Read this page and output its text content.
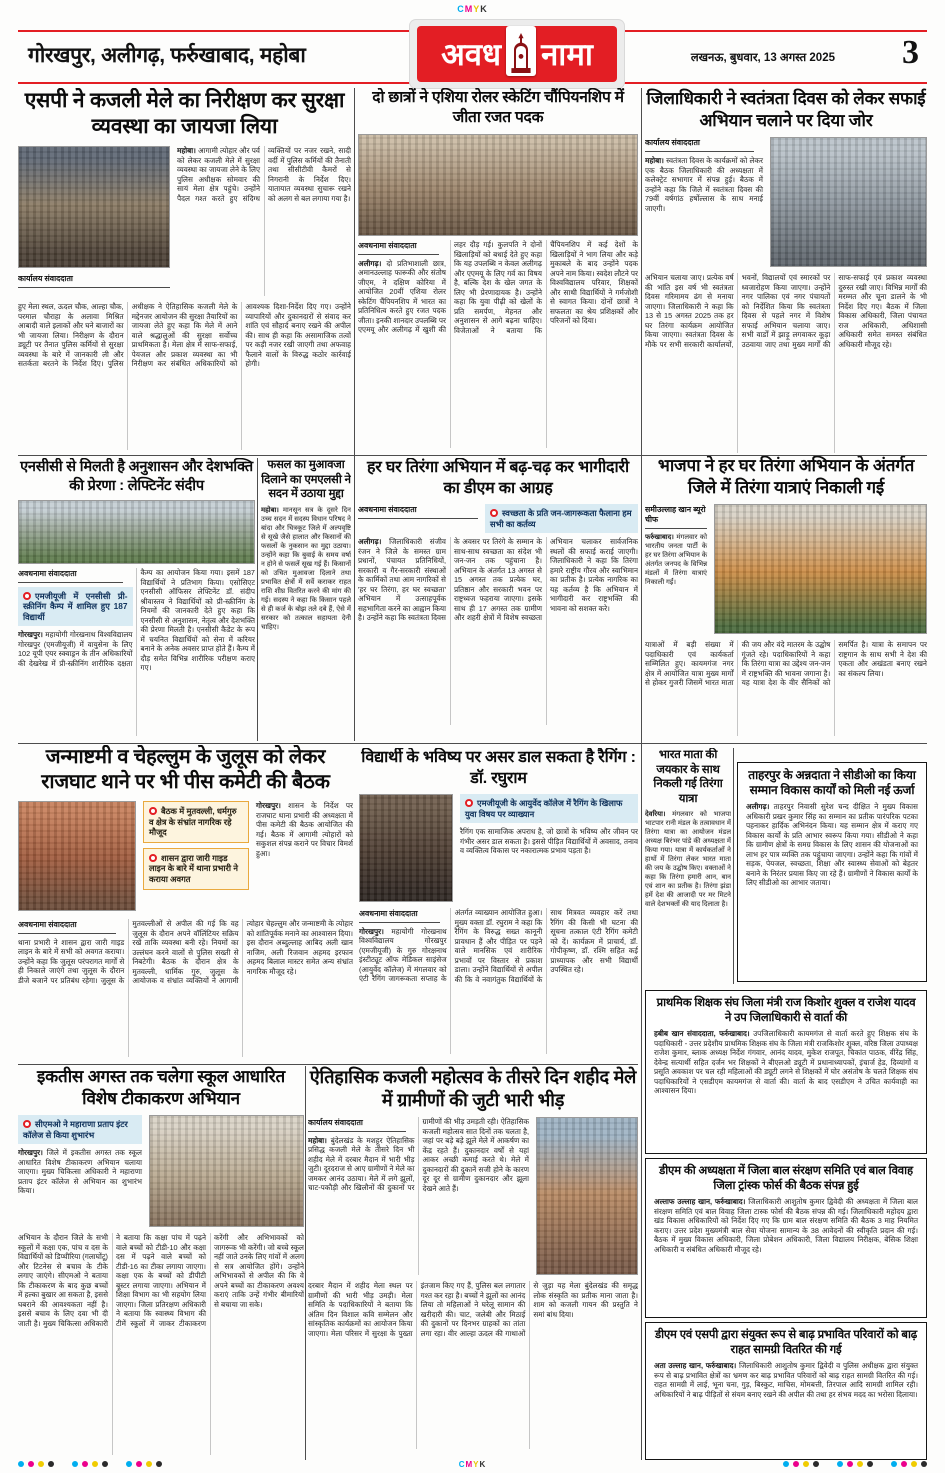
CMYK
गोरखपुर, अलीगढ़, फर्रुखाबाद, महोबा	अवध नामा	लखनऊ, बुधवार, 13 अगस्त 2025 3
एसपी ने कजली मेले का निरीक्षण कर सुरक्षा व्यवस्था का जायजा लिया
कार्यालय संवाददाता

महोबा। आगामी त्योहार और पर्व को लेकर कजली मेले में सुरक्षा व्यवस्था का जायजा लेने के लिए पुलिस अधीक्षक सोमवार की सायं मेला क्षेत्र पहुंचे। उन्होंने पैदल गश्त करते हुए संदिग्ध व्यक्तियों पर नजर रखने, सादी वर्दी में पुलिस कर्मियों की तैनाती तथा सीसीटीवी कैमरों से निगरानी के निर्देश दिए। यातायात व्यवस्था सुचारू रखने को अलग से बल लगाया गया है।

हुए मेला स्थल, ऊदल चौक, आल्हा चौक, परमाल चौराहा के अलावा मिश्रित आबादी वाले इलाकों और घने बाजारों का भी जायजा लिया। निरीक्षण के दौरान ड्यूटी पर तैनात पुलिस कर्मियों से सुरक्षा व्यवस्था के बारे में जानकारी ली और सतर्कता बरतने के निर्देश दिए। पुलिस अधीक्षक ने ऐतिहासिक कजली मेले के मद्देनजर आयोजन की सुरक्षा तैयारियों का जायजा लेते हुए कहा कि मेले में आने वाले श्रद्धालुओं की सुरक्षा सर्वोच्च प्राथमिकता है। मेला क्षेत्र में साफ-सफाई, पेयजल और प्रकाश व्यवस्था का भी निरीक्षण कर संबंधित अधिकारियों को आवश्यक दिशा-निर्देश दिए गए। उन्होंने व्यापारियों और दुकानदारों से संवाद कर शांति एवं सौहार्द बनाए रखने की अपील की। साथ ही कहा कि असामाजिक तत्वों पर कड़ी नजर रखी जाएगी तथा अफवाह फैलाने वालों के विरुद्ध कठोर कार्रवाई होगी।

दो छात्रों ने एशिया रोलर स्केटिंग चौंपियनशिप में जीता रजत पदक
अवधनामा संवाददाता

अलीगढ़। दो प्रतिभाशाली छात्र, अमानउल्लाह फारूकी और संतोष जीएम, ने दक्षिण कोरिया में आयोजित 20वीं एशिया रोलर स्केटिंग चैंपियनशिप में भारत का प्रतिनिधित्व करते हुए रजत पदक जीता। इनकी शानदार उपलब्धि पर एएमयू और अलीगढ़ में खुशी की लहर दौड़ गई। कुलपति ने दोनों खिलाड़ियों को बधाई देते हुए कहा कि यह उपलब्धि न केवल अलीगढ़ और एएमयू के लिए गर्व का विषय है, बल्कि देश के खेल जगत के लिए भी प्रेरणादायक है। उन्होंने कहा कि युवा पीढ़ी को खेलों के प्रति समर्पण, मेहनत और अनुशासन से आगे बढ़ना चाहिए। विजेताओं ने बताया कि चैंपियनशिप में कई देशों के खिलाड़ियों ने भाग लिया और कड़े मुकाबले के बाद उन्होंने पदक अपने नाम किया। स्वदेश लौटने पर विश्वविद्यालय परिवार, शिक्षकों और साथी विद्यार्थियों ने गर्मजोशी से स्वागत किया। दोनों छात्रों ने सफलता का श्रेय प्रशिक्षकों और परिजनों को दिया।

जिलाधिकारी ने स्वतंत्रता दिवस को लेकर सफाई अभियान चलाने पर दिया जोर
कार्यालय संवाददाता

महोबा। स्वतंत्रता दिवस के कार्यक्रमों को लेकर एक बैठक जिलाधिकारी की अध्यक्षता में कलेक्ट्रेट सभागार में संपन्न हुई। बैठक में उन्होंने कहा कि जिले में स्वतंत्रता दिवस की 79वीं वर्षगांठ हर्षोल्लास के साथ मनाई जाएगी।

अभियान चलाया जाए। प्रत्येक वर्ष की भांति इस वर्ष भी स्वतंत्रता दिवस गरिमामय ढंग से मनाया जाएगा। जिलाधिकारी ने कहा कि 13 से 15 अगस्त 2025 तक हर घर तिरंगा कार्यक्रम आयोजित किया जाएगा। स्वतंत्रता दिवस के मौके पर सभी सरकारी कार्यालयों, भवनों, विद्यालयों एवं स्मारकों पर ध्वजारोहण किया जाएगा। उन्होंने नगर पालिका एवं नगर पंचायतों को निर्देशित किया कि स्वतंत्रता दिवस से पहले नगर में विशेष सफाई अभियान चलाया जाए। सभी वार्डों में झाड़ू लगवाकर कूड़ा उठवाया जाए तथा मुख्य मार्गों की साफ-सफाई एवं प्रकाश व्यवस्था दुरुस्त रखी जाए। विभिन्न मार्गों की मरम्मत और चूना डालने के भी निर्देश दिए गए। बैठक में जिला विकास अधिकारी, जिला पंचायत राज अधिकारी, अधिशासी अधिकारी समेत समस्त संबंधित अधिकारी मौजूद रहे।

एनसीसी से मिलती है अनुशासन और देशभक्ति की प्रेरणा : लेफ्टिनेंट संदीप
अवधनामा संवाददाता
एमजीयूजी में एनसीसी प्री-स्क्रीनिंग कैम्प में शामिल हुए 187 विद्यार्थी

गोरखपुर। महायोगी गोरखनाथ विश्वविद्यालय गोरखपुर (एमजीयूजी) में वायुसेना के लिए 102 यूपी एयर स्क्वाड्रन के तीन अधिकारियों की देखरेख में प्री-स्क्रीनिंग शारीरिक दक्षता कैम्प का आयोजन किया गया। इसमें 187 विद्यार्थियों ने प्रतिभाग किया। एसोसिएट एनसीसी ऑफिसर लेफ्टिनेंट डॉ. संदीप श्रीवास्तव ने विद्यार्थियों को प्री-स्क्रीनिंग के नियमों की जानकारी देते हुए कहा कि एनसीसी से अनुशासन, नेतृत्व और देशभक्ति की प्रेरणा मिलती है। एनसीसी कैडेट के रूप में चयनित विद्यार्थियों को सेना में करियर बनाने के अनेक अवसर प्राप्त होते हैं। कैम्प में दौड़ समेत विभिन्न शारीरिक परीक्षण कराए गए।

फसल का मुआवजा दिलाने का एमएलसी ने सदन में उठाया मुद्दा

महोबा। मानसून सत्र के दूसरे दिन उच्च सदन में सदस्य विधान परिषद ने बांदा और चित्रकूट जिले में अल्पवृष्टि से सूखे जैसे हालात और किसानों की फसलों के नुकसान का मुद्दा उठाया। उन्होंने कहा कि बुवाई के समय वर्षा न होने से फसलें सूख गई हैं। किसानों को उचित मुआवजा दिलाने तथा प्रभावित क्षेत्रों में सर्वे कराकर राहत राशि शीघ्र वितरित करने की मांग की गई। सदस्य ने कहा कि किसान पहले से ही कर्ज के बोझ तले दबे हैं, ऐसे में सरकार को तत्काल सहायता देनी चाहिए।

हर घर तिरंगा अभियान में बढ़-चढ़ कर भागीदारी का डीएम का आग्रह
अवधनामा संवाददाता	स्वच्छता के प्रति जन-जागरूकता फैलाना हम सभी का कर्तव्य

अलीगढ़। जिलाधिकारी संजीव रंजन ने जिले के समस्त ग्राम प्रधानों, पंचायत प्रतिनिधियों, सरकारी व गैर-सरकारी संस्थाओं के कार्मिकों तथा आम नागरिकों से 'हर घर तिरंगा, हर घर स्वच्छता' अभियान में उत्साहपूर्वक सहभागिता करने का आह्वान किया है। उन्होंने कहा कि स्वतंत्रता दिवस के अवसर पर तिरंगे के सम्मान के साथ-साथ स्वच्छता का संदेश भी जन-जन तक पहुंचाना है। अभियान के अंतर्गत 13 अगस्त से 15 अगस्त तक प्रत्येक घर, प्रतिष्ठान और सरकारी भवन पर राष्ट्रध्वज फहराया जाएगा। इसके साथ ही 17 अगस्त तक ग्रामीण और शहरी क्षेत्रों में विशेष स्वच्छता अभियान चलाकर सार्वजनिक स्थलों की सफाई कराई जाएगी। जिलाधिकारी ने कहा कि तिरंगा हमारे राष्ट्रीय गौरव और स्वाभिमान का प्रतीक है। प्रत्येक नागरिक का यह कर्तव्य है कि अभियान में भागीदारी कर राष्ट्रभक्ति की भावना को सशक्त करे।

भाजपा ने हर घर तिरंगा अभियान के अंतर्गत जिले में तिरंगा यात्राएं निकाली गई
समीउल्लाह खान ब्यूरो चीफ

फर्रुखाबाद। मंगलवार को भारतीय जनता पार्टी के हर घर तिरंगा अभियान के अंतर्गत जनपद के विभिन्न मंडलों में तिरंगा यात्राएं निकाली गईं।

यात्राओं में बड़ी संख्या में पदाधिकारी एवं कार्यकर्ता सम्मिलित हुए। कायमगंज नगर क्षेत्र में आयोजित यात्रा मुख्य मार्गों से होकर गुजरी जिसमें भारत माता की जय और वंदे मातरम के उद्घोष गूंजते रहे। पदाधिकारियों ने कहा कि तिरंगा यात्रा का उद्देश्य जन-जन में राष्ट्रभक्ति की भावना जगाना है। यह यात्रा देश के वीर सैनिकों को समर्पित है। यात्रा के समापन पर राष्ट्रगान के साथ सभी ने देश की एकता और अखंडता बनाए रखने का संकल्प लिया।

जन्माष्टमी व चेहल्लुम के जुलूस को लेकर राजघाट थाने पर भी पीस कमेटी की बैठक
बैठक में मुतवल्ली, धर्मगुरु व क्षेत्र के संभ्रांत नागरिक रहे मौजूद
शासन द्वारा जारी गाइड लाइन के बारे में थाना प्रभारी ने कराया अवगत

गोरखपुर। शासन के निर्देश पर राजघाट थाना प्रभारी की अध्यक्षता में पीस कमेटी की बैठक आयोजित की गई। बैठक में आगामी त्योहारों को सकुशल संपन्न कराने पर विचार विमर्श हुआ।

अवधनामा संवाददाता

थाना प्रभारी ने शासन द्वारा जारी गाइड लाइन के बारे में सभी को अवगत कराया। उन्होंने कहा कि जुलूस परंपरागत मार्गों से ही निकाले जाएंगे तथा जुलूस के दौरान डीजे बजाने पर प्रतिबंध रहेगा। जुलूस के मुतवल्लीओं से अपील की गई कि वह जुलूस के दौरान अपने वॉलिंटियर सक्रिय रखें ताकि व्यवस्था बनी रहे। नियमों का उल्लंघन करने वालों से पुलिस सख्ती से निबटेगी। बैठक के दौरान क्षेत्र के मुतवल्ली, धार्मिक गुरु, जुलूस के आयोजक व संभ्रांत व्यक्तियों ने आगामी त्योहार चेहल्लुम और जन्माष्टमी के त्योहार को शांतिपूर्वक मनाने का आश्वासन दिया। इस दौरान अब्दुल्लाह आबिद अली खान नाजिम, अली रिजवान अहमद इरफान अहमद बिलाल मास्टर समेत अन्य संभ्रांत नागरिक मौजूद रहे।

विद्यार्थी के भविष्य पर असर डाल सकता है रैगिंग : डॉ. रघुराम
एमजीयूजी के आयुर्वेद कॉलेज में रैगिंग के खिलाफ युवा विषय पर व्याख्यान

रैगिंग एक सामाजिक अपराध है, जो छात्रों के भविष्य और जीवन पर गंभीर असर डाल सकता है। इससे पीड़ित विद्यार्थियों में अवसाद, तनाव व व्यक्तित्व विकास पर नकारात्मक प्रभाव पड़ता है।

अवधनामा संवाददाता

गोरखपुर। महायोगी गोरखनाथ विश्वविद्यालय गोरखपुर (एमजीयूजी) के गुरु गोरक्षनाथ इंस्टीट्यूट ऑफ मेडिकल साइंसेज (आयुर्वेद कॉलेज) में मंगलवार को एंटी रैगिंग जागरूकता सप्ताह के अंतर्गत व्याख्यान आयोजित हुआ। मुख्य वक्ता डॉ. रघुराम ने कहा कि रैगिंग के विरुद्ध सख्त कानूनी प्रावधान हैं और पीड़ित पर पड़ने वाले मानसिक एवं शारीरिक प्रभावों पर विस्तार से प्रकाश डाला। उन्होंने विद्यार्थियों से अपील की कि वे नवागंतुक विद्यार्थियों के साथ मित्रवत व्यवहार करें तथा रैगिंग की किसी भी घटना की सूचना तत्काल एंटी रैगिंग कमेटी को दें। कार्यक्रम में प्राचार्य, डॉ. गोपीकृष्ण, डॉ. रश्मि सहित कई प्राध्यापक और सभी विद्यार्थी उपस्थित रहे।

भारत माता की जयकार के साथ निकली गई तिरंगा यात्रा

देवरिया। मंगलवार को भाजपा भाटपार रानी मंडल के तत्वावधान में तिरंगा यात्रा का आयोजन मंडल अध्यक्ष बिरंभर पांडे की अध्यक्षता में किया गया। यात्रा में कार्यकर्ताओं ने हाथों में तिरंगा लेकर भारत माता की जय के उद्घोष किए। वक्ताओं ने कहा कि तिरंगा हमारी आन, बान एवं शान का प्रतीक है। तिरंगा झंडा हमें देश की आजादी पर मर मिटने वाले देशभक्तों की याद दिलाता है।

ताहरपुर के अन्नदाता ने सीडीओ का किया सम्मान विकास कार्यों को मिली नई ऊर्जा

अलीगढ़। ताहरपुर निवासी सुरेश चन्द दीक्षित ने मुख्य विकास अधिकारी प्रखर कुमार सिंह का सम्मान का प्रतीक पारंपरिक पटका पहनाकर हार्दिक अभिनंदन किया। यह सम्मान क्षेत्र में कराए गए विकास कार्यों के प्रति आभार स्वरूप किया गया। सीडीओ ने कहा कि ग्रामीण क्षेत्रों के समग्र विकास के लिए शासन की योजनाओं का लाभ हर पात्र व्यक्ति तक पहुंचाया जाएगा। उन्होंने कहा कि गांवों में सड़क, पेयजल, स्वच्छता, शिक्षा और स्वास्थ्य सेवाओं को बेहतर बनाने के निरंतर प्रयास किए जा रहे हैं। ग्रामीणों ने विकास कार्यों के लिए सीडीओ का आभार जताया।

इकतीस अगस्त तक चलेगा स्कूल आधारित विशेष टीकाकरण अभियान
सीएमओ ने महाराणा प्रताप इंटर कॉलेज से किया शुभारंभ

गोरखपुर। जिले में इकतीस अगस्त तक स्कूल आधारित विशेष टीकाकरण अभियान चलाया जाएगा। मुख्य चिकित्सा अधिकारी ने महाराणा प्रताप इंटर कॉलेज से अभियान का शुभारंभ किया।

अभियान के दौरान जिले के सभी स्कूलों में कक्षा एक, पांच व दस के विद्यार्थियों को डिप्थीरिया (गलाघोंटू) और टिटनेस से बचाव के टीके लगाए जाएंगे। सीएमओ ने बताया कि टीकाकरण के बाद कुछ बच्चों में हल्का बुखार आ सकता है, इससे घबराने की आवश्यकता नहीं है। इससे बचाव के लिए दवा भी दी जाती है। मुख्य चिकित्सा अधिकारी ने बताया कि कक्षा पांच में पढ़ने वाले बच्चों को टीडी-10 और कक्षा दस में पढ़ने वाले बच्चों को टीडी-16 का टीका लगाया जाएगा। कक्षा एक के बच्चों को डीपीटी बूस्टर लगाया जाएगा। अभियान में शिक्षा विभाग का भी सहयोग लिया जाएगा। जिला प्रतिरक्षण अधिकारी ने बताया कि स्वास्थ्य विभाग की टीमें स्कूलों में जाकर टीकाकरण करेंगी और अभिभावकों को जागरूक भी करेंगी। जो बच्चे स्कूल नहीं जाते उनके लिए गांवों में अलग से सत्र आयोजित होंगे। उन्होंने अभिभावकों से अपील की कि वे अपने बच्चों का टीकाकरण अवश्य कराएं ताकि उन्हें गंभीर बीमारियों से बचाया जा सके।

ऐतिहासिक कजली महोत्सव के तीसरे दिन शहीद मेले में ग्रामीणों की जुटी भारी भीड़
कार्यालय संवाददाता

महोबा। बुंदेलखंड के मशहूर ऐतिहासिक प्रसिद्ध कजली मेले के तीसरे दिन भी शहीद मेले में दरबार मैदान में भारी भीड़ जुटी। दूरदराज से आए ग्रामीणों ने मेले का जमकर आनंद उठाया। मेले में लगे झूलों, चाट-पकौड़ी और खिलौनों की दुकानों पर ग्रामीणों की भीड़ उमड़ती रही। ऐतिहासिक कजली महोत्सव सात दिनों तक चलता है, जहां पर बड़े बड़े झूले मेले में आकर्षण का केंद्र रहते हैं। दुकानदार वर्षों से यहां आकर अच्छी कमाई करते थे। मेले में दुकानदारों की दुकानें सजी होने के कारण दूर दूर से ग्रामीण दुकानदार और झूला देखने आते हैं।

दरबार मैदान में शहीद मेला स्थल पर ग्रामीणों की भारी भीड़ उमड़ी। मेला समिति के पदाधिकारियों ने बताया कि अंतिम दिन विशाल कवि सम्मेलन और सांस्कृतिक कार्यक्रमों का आयोजन किया जाएगा। मेला परिसर में सुरक्षा के पुख्ता इंतजाम किए गए हैं, पुलिस बल लगातार गश्त कर रहा है। बच्चों ने झूलों का आनंद लिया तो महिलाओं ने घरेलू सामान की खरीदारी की। चाट, जलेबी और मिठाई की दुकानों पर दिनभर ग्राहकों का तांता लगा रहा। वीर आल्हा ऊदल की गाथाओं से जुड़ा यह मेला बुंदेलखंड की समृद्ध लोक संस्कृति का प्रतीक माना जाता है। शाम को कजली गायन की प्रस्तुति ने समां बांध दिया।

प्राथमिक शिक्षक संघ जिला मंत्री राज किशोर शुक्ल व राजेश यादव ने उप जिलाधिकारी से वार्ता की

हबीब खान संवाददाता, फर्रुखाबाद। उपजिलाधिकारी कायमगंज से वार्ता करते हुए शिक्षक संघ के पदाधिकारी - उत्तर प्रदेशीय प्राथमिक शिक्षक संघ के जिला मंत्री राजकिशोर शुक्ल, वरिष्ठ जिला उपाध्यक्ष राजेश कुमार, ब्लाक अध्यक्ष निर्देश गंगवार, आनंद यादव, मुकेश राजपूत, चिकांत पाठक, वीरेंद्र सिंह, देवेन्द्र सत्यार्थी सहित दर्जन भर शिक्षकों ने बीएलओ ड्यूटी में प्रधानाध्यापकों, इंचार्ज हेड, दिव्यांगों व प्रसूति अवकाश पर चल रही महिलाओं की ड्यूटी लगने से शिक्षकों में घोर असंतोष के चलते शिक्षक संघ पदाधिकारियों ने एसडीएम कायमगंज से वार्ता की। वार्ता के बाद एसडीएम ने उचित कार्यवाही का आश्वासन दिया।

डीएम की अध्यक्षता में जिला बाल संरक्षण समिति एवं बाल विवाह जिला ट्रांस्क फोर्स की बैठक संपन्न हुई

अल्ताफ उल्लाह खान, फर्रुखाबाद। जिलाधिकारी आशुतोष कुमार द्विवेदी की अध्यक्षता में जिला बाल संरक्षण समिति एवं बाल विवाह जिला टास्क फोर्स की बैठक संपन्न की गई। जिलाधिकारी महोदय द्वारा खंड विकास अधिकारियों को निर्देश दिए गए कि ग्राम बाल संरक्षण समिति की बैठक 3 माह नियमित कराए। उत्तर प्रदेश मुख्यमंत्री बाल सेवा योजना सामान्य के 38 आवेदनों की स्वीकृति प्रदान की गई। बैठक में मुख्य विकास अधिकारी, जिला प्रोबेशन अधिकारी, जिला विद्यालय निरीक्षक, बेसिक शिक्षा अधिकारी व संबंधित अधिकारी मौजूद रहे।

डीएम एवं एसपी द्वारा संयुक्त रूप से बाढ़ प्रभावित परिवारों को बाढ़ राहत सामग्री वितरित की गई

अता उल्लाह खान, फर्रुखाबाद। जिलाधिकारी आशुतोष कुमार द्विवेदी व पुलिस अधीक्षक द्वारा संयुक्त रूप से बाढ़ प्रभावित क्षेत्रों का भ्रमण कर बाढ़ प्रभावित परिवारों को बाढ़ राहत सामग्री वितरित की गई। राहत सामग्री में लाई, भूना चना, गुड़, बिस्कुट, माचिस, मोमबत्ती, तिरपाल आदि सामग्री शामिल रही। अधिकारियों ने बाढ़ पीड़ितों से संयम बनाए रखने की अपील की तथा हर संभव मदद का भरोसा दिलाया।

CMYK
